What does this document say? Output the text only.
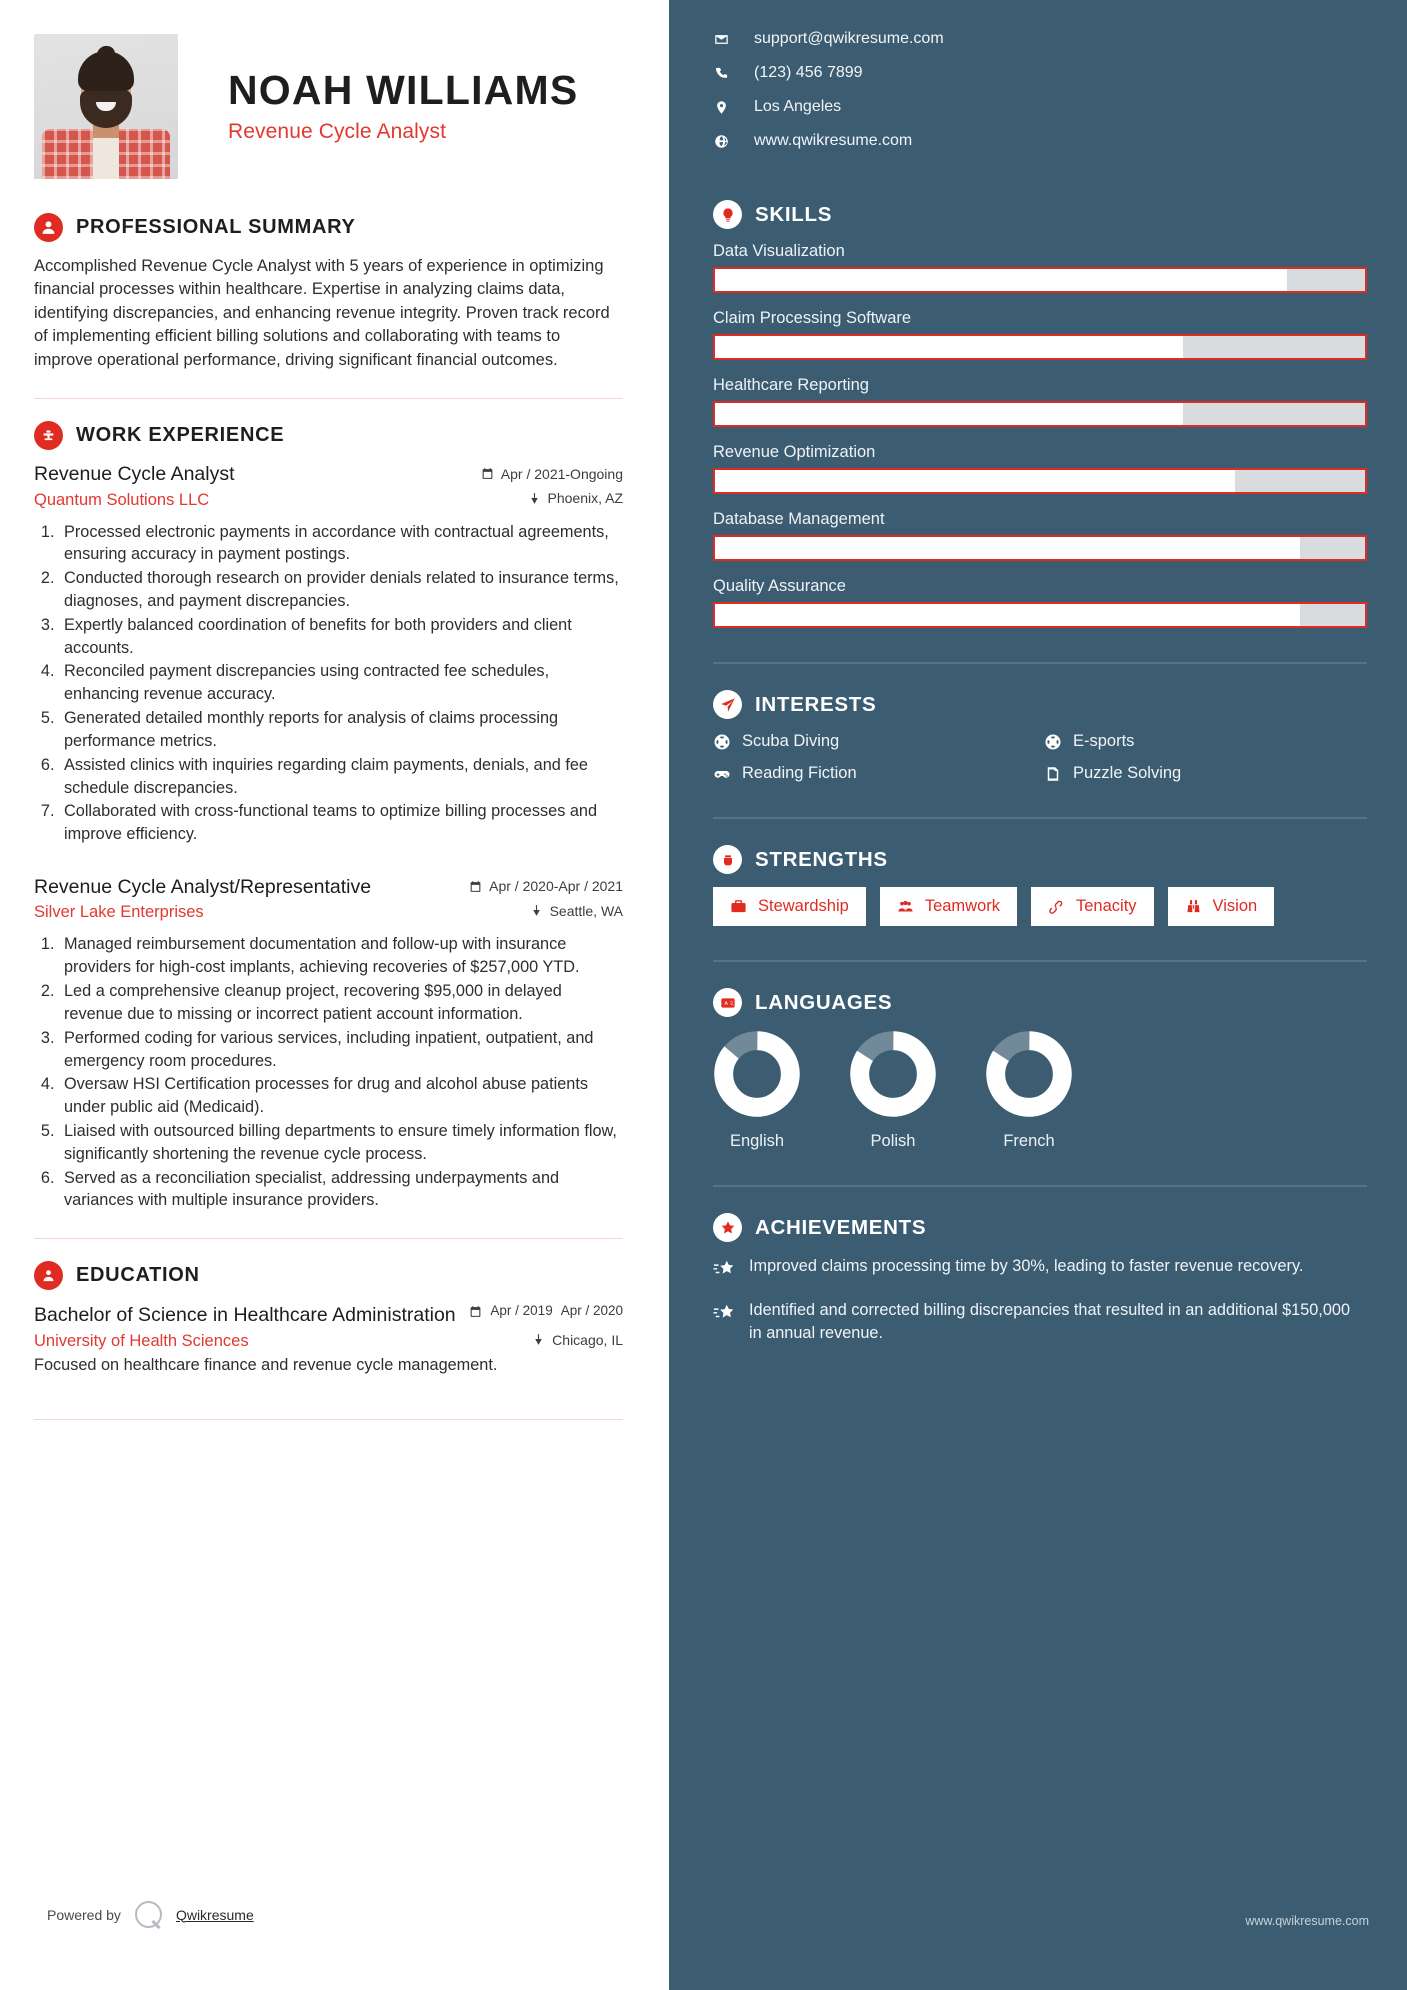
NOAH WILLIAMS
Revenue Cycle Analyst
PROFESSIONAL SUMMARY

Accomplished Revenue Cycle Analyst with 5 years of experience in optimizing financial processes within healthcare. Expertise in analyzing claims data, identifying discrepancies, and enhancing revenue integrity. Proven track record of implementing efficient billing solutions and collaborating with teams to improve operational performance, driving significant financial outcomes.

WORK EXPERIENCE
Revenue Cycle Analyst	Apr / 2021-Ongoing
Quantum Solutions LLC	Phoenix, AZ
1. Processed electronic payments in accordance with contractual agreements, ensuring accuracy in payment postings.
2. Conducted thorough research on provider denials related to insurance terms, diagnoses, and payment discrepancies.
3. Expertly balanced coordination of benefits for both providers and client accounts.
4. Reconciled payment discrepancies using contracted fee schedules, enhancing revenue accuracy.
5. Generated detailed monthly reports for analysis of claims processing performance metrics.
6. Assisted clinics with inquiries regarding claim payments, denials, and fee schedule discrepancies.
7. Collaborated with cross-functional teams to optimize billing processes and improve efficiency.
Revenue Cycle Analyst/Representative	Apr / 2020-Apr / 2021
Silver Lake Enterprises	Seattle, WA
1. Managed reimbursement documentation and follow-up with insurance providers for high-cost implants, achieving recoveries of $257,000 YTD.
2. Led a comprehensive cleanup project, recovering $95,000 in delayed revenue due to missing or incorrect patient account information.
3. Performed coding for various services, including inpatient, outpatient, and emergency room procedures.
4. Oversaw HSI Certification processes for drug and alcohol abuse patients under public aid (Medicaid).
5. Liaised with outsourced billing departments to ensure timely information flow, significantly shortening the revenue cycle process.
6. Served as a reconciliation specialist, addressing underpayments and variances with multiple insurance providers.
EDUCATION
Bachelor of Science in Healthcare Administration	Apr / 2019 Apr / 2020
University of Health Sciences	Chicago, IL
Focused on healthcare finance and revenue cycle management.
Powered by	Qwikresume
support@qwikresume.com
(123) 456 7899
Los Angeles
www.qwikresume.com
SKILLS
Data Visualization
Claim Processing Software
Healthcare Reporting
Revenue Optimization
Database Management
Quality Assurance
INTERESTS
Scuba Diving	E-sports
Reading Fiction	Puzzle Solving
STRENGTHS
Stewardship	Teamwork	Tenacity	Vision
A 文 LANGUAGES
English	Polish	French
ACHIEVEMENTS

Improved claims processing time by 30%, leading to faster revenue recovery.

Identified and corrected billing discrepancies that resulted in an additional $150,000 in annual revenue.

www.qwikresume.com
